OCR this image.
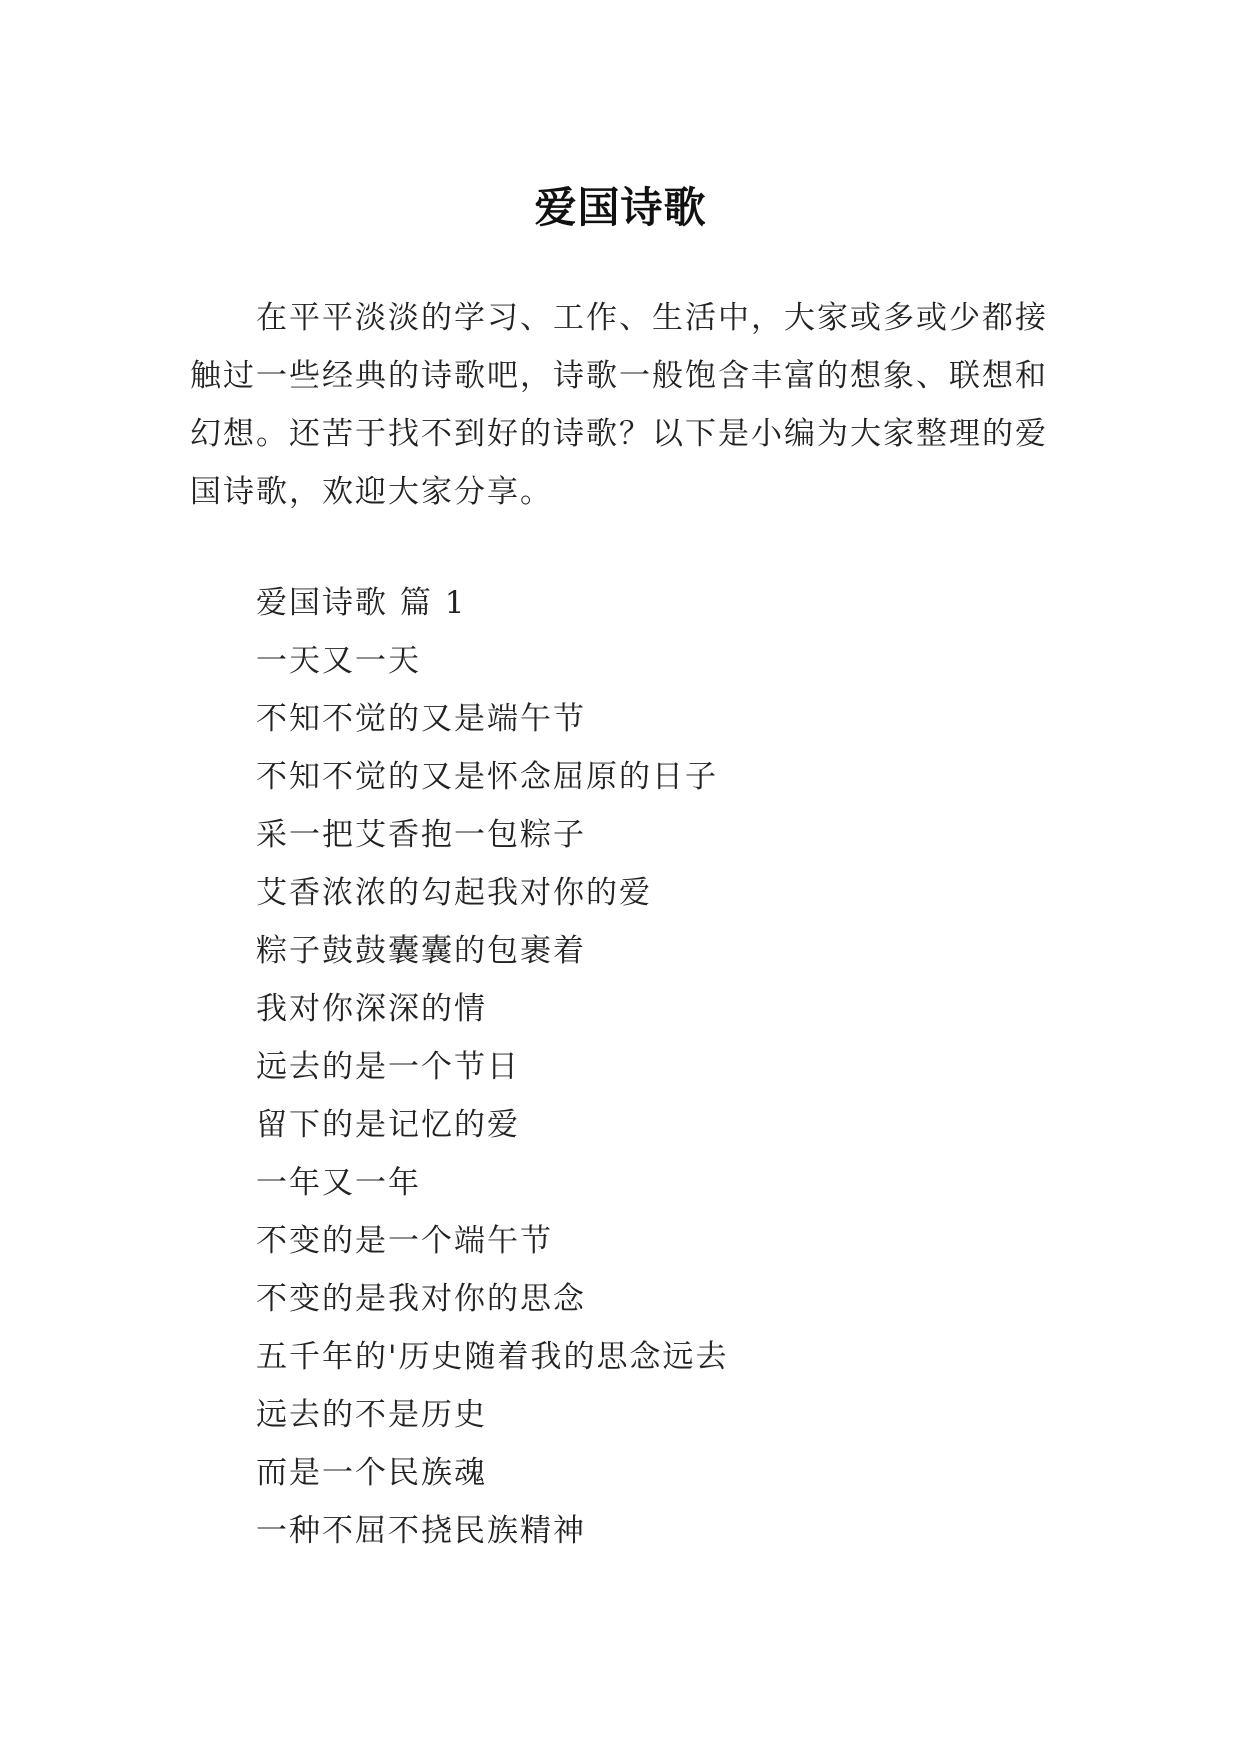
爱国诗歌

在平平淡淡的学习、工作、生活中，大家或多或少都接触过一些经典的诗歌吧，诗歌一般饱含丰富的想象、联想和幻想。还苦于找不到好的诗歌？以下是小编为大家整理的爱国诗歌，欢迎大家分享。

爱国诗歌 篇 1
一天又一天
不知不觉的又是端午节
不知不觉的又是怀念屈原的日子
采一把艾香抱一包粽子
艾香浓浓的勾起我对你的爱
粽子鼓鼓囊囊的包裹着
我对你深深的情
远去的是一个节日
留下的是记忆的爱
一年又一年
不变的是一个端午节
不变的是我对你的思念
五千年的'历史随着我的思念远去
远去的不是历史
而是一个民族魂
一种不屈不挠民族精神
